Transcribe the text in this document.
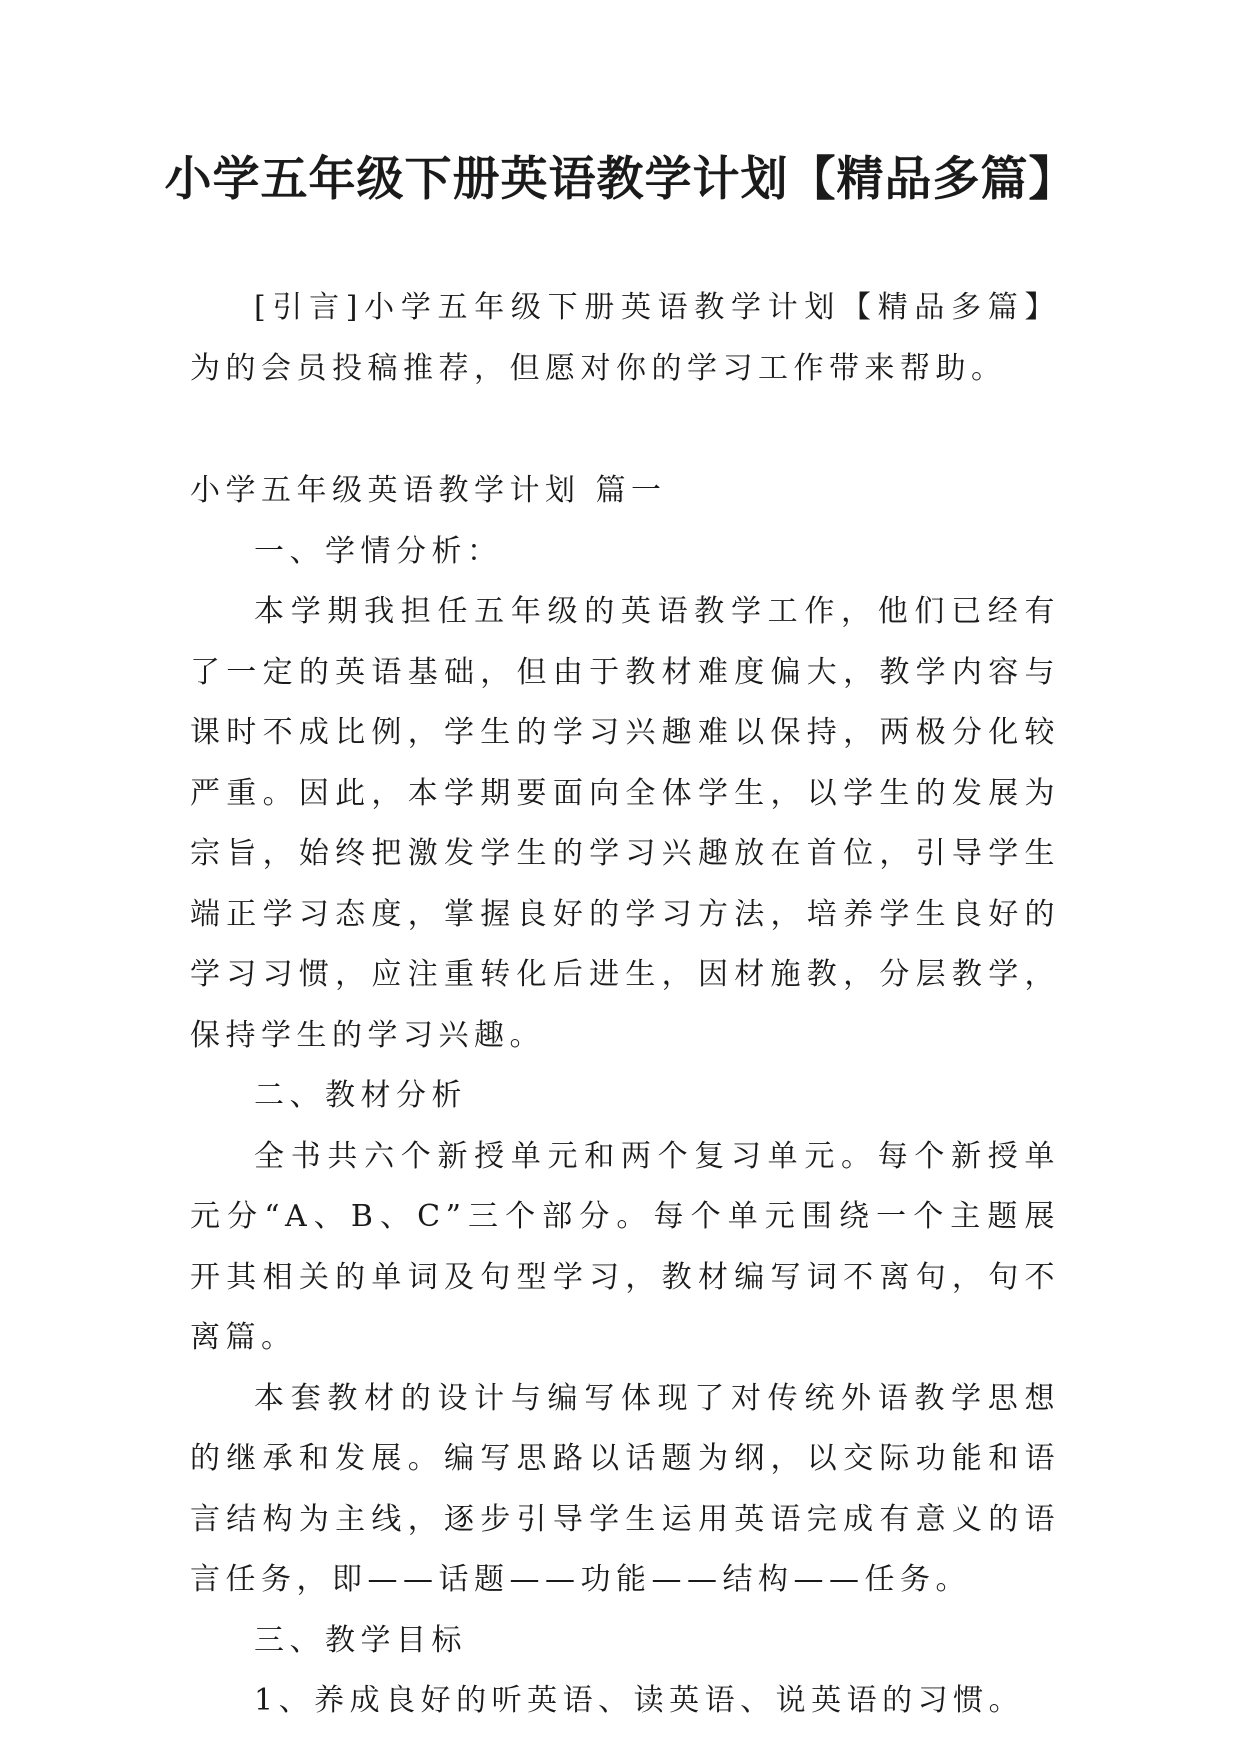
小学五年级下册英语教学计划【精品多篇】

[引言]小学五年级下册英语教学计划【精品多篇】为的会员投稿推荐，但愿对你的学习工作带来帮助。

小学五年级英语教学计划 篇一

一、学情分析：

本学期我担任五年级的英语教学工作，他们已经有了一定的英语基础，但由于教材难度偏大，教学内容与课时不成比例，学生的学习兴趣难以保持，两极分化较严重。因此，本学期要面向全体学生，以学生的发展为宗旨，始终把激发学生的学习兴趣放在首位，引导学生端正学习态度，掌握良好的学习方法，培养学生良好的学习习惯，应注重转化后进生，因材施教，分层教学，保持学生的学习兴趣。

二、教材分析

全书共六个新授单元和两个复习单元。每个新授单元分“A、B、C”三个部分。每个单元围绕一个主题展开其相关的单词及句型学习，教材编写词不离句，句不离篇。

本套教材的设计与编写体现了对传统外语教学思想的继承和发展。编写思路以话题为纲，以交际功能和语言结构为主线，逐步引导学生运用英语完成有意义的语言任务，即——话题——功能——结构——任务。

三、教学目标

1、养成良好的听英语、读英语、说英语的习惯。
